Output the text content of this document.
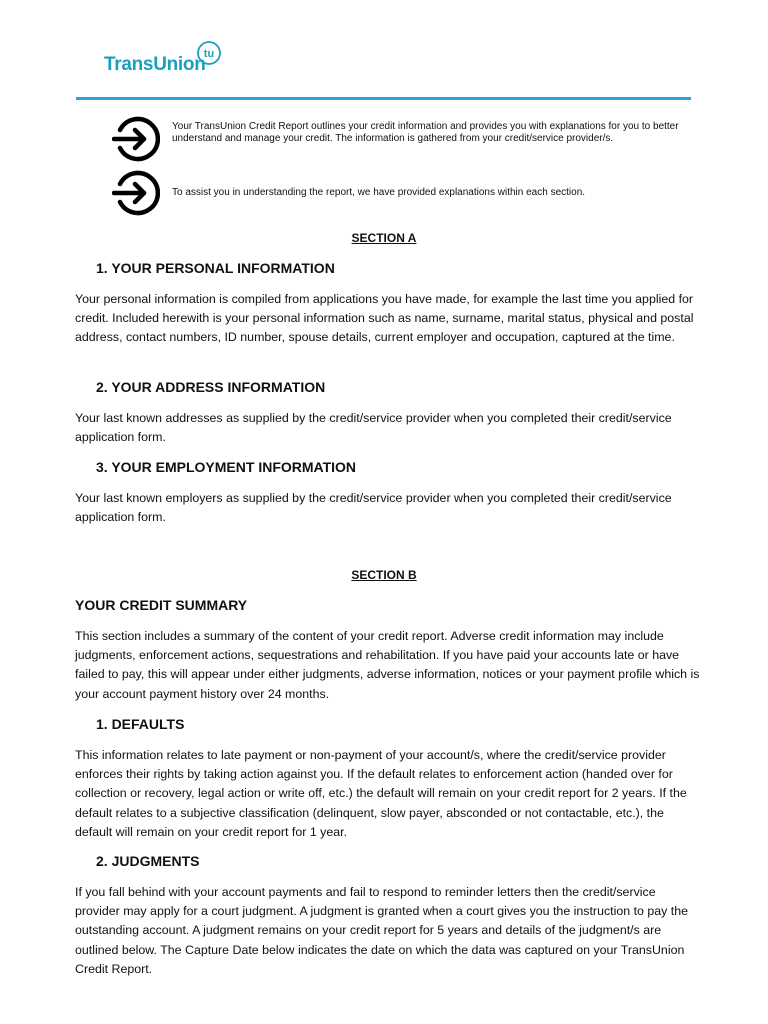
TransUnion
tu
Your TransUnion Credit Report outlines your credit information and provides you with explanations for you to better understand and manage your credit. The information is gathered from your credit/service provider/s.
To assist you in understanding the report, we have provided explanations within each section.
SECTION A
1. YOUR PERSONAL INFORMATION
Your personal information is compiled from applications you have made, for example the last time you applied for credit. Included herewith is your personal information such as name, surname, marital status, physical and postal address, contact numbers, ID number, spouse details, current employer and occupation, captured at the time.
2. YOUR ADDRESS INFORMATION
Your last known addresses as supplied by the credit/service provider when you completed their credit/service application form.
3. YOUR EMPLOYMENT INFORMATION
Your last known employers as supplied by the credit/service provider when you completed their credit/service application form.
SECTION B
YOUR CREDIT SUMMARY
This section includes a summary of the content of your credit report. Adverse credit information may include judgments, enforcement actions, sequestrations and rehabilitation. If you have paid your accounts late or have failed to pay, this will appear under either judgments, adverse information, notices or your payment profile which is your account payment history over 24 months.
1. DEFAULTS
This information relates to late payment or non-payment of your account/s, where the credit/service provider enforces their rights by taking action against you. If the default relates to enforcement action (handed over for collection or recovery, legal action or write off, etc.) the default will remain on your credit report for 2 years. If the default relates to a subjective classification (delinquent, slow payer, absconded or not contactable, etc.), the default will remain on your credit report for 1 year.
2. JUDGMENTS
If you fall behind with your account payments and fail to respond to reminder letters then the credit/service provider may apply for a court judgment. A judgment is granted when a court gives you the instruction to pay the outstanding account. A judgment remains on your credit report for 5 years and details of the judgment/s are outlined below. The Capture Date below indicates the date on which the data was captured on your TransUnion Credit Report.
